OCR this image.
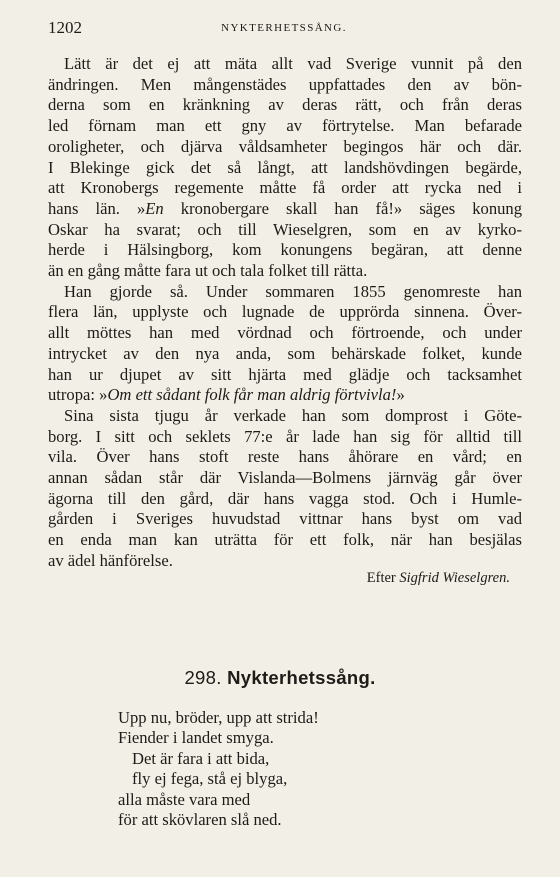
1202	NYKTERHETSSÅNG.
Lätt är det ej att mäta allt vad Sverige vunnit på den
ändringen. Men mångenstädes uppfattades den av bön-
derna som en kränkning av deras rätt, och från deras
led förnam man ett gny av förtrytelse. Man befarade
oroligheter, och djärva våldsamheter begingos här och där.
I Blekinge gick det så långt, att landshövdingen begärde,
att Kronobergs regemente måtte få order att rycka ned i
hans län. »En kronobergare skall han få!» säges konung
Oskar ha svarat; och till Wieselgren, som en av kyrko-
herde i Hälsingborg, kom konungens begäran, att denne
än en gång måtte fara ut och tala folket till rätta.
Han gjorde så. Under sommaren 1855 genomreste han
flera län, upplyste och lugnade de upprörda sinnena. Över-
allt möttes han med vördnad och förtroende, och under
intrycket av den nya anda, som behärskade folket, kunde
han ur djupet av sitt hjärta med glädje och tacksamhet
utropa: »Om ett sådant folk får man aldrig förtvivla!»
Sina sista tjugu år verkade han som domprost i Göte-
borg. I sitt och seklets 77:e år lade han sig för alltid till
vila. Över hans stoft reste hans åhörare en vård; en
annan sådan står där Vislanda—Bolmens järnväg går över
ägorna till den gård, där hans vagga stod. Och i Humle-
gården i Sveriges huvudstad vittnar hans byst om vad
en enda man kan uträtta för ett folk, när han besjälas
av ädel hänförelse.
Efter Sigfrid Wieselgren.
298. Nykterhetssång.
Upp nu, bröder, upp att strida!
Fiender i landet smyga.
Det är fara i att bida,
fly ej fega, stå ej blyga,
alla måste vara med
för att skövlaren slå ned.
